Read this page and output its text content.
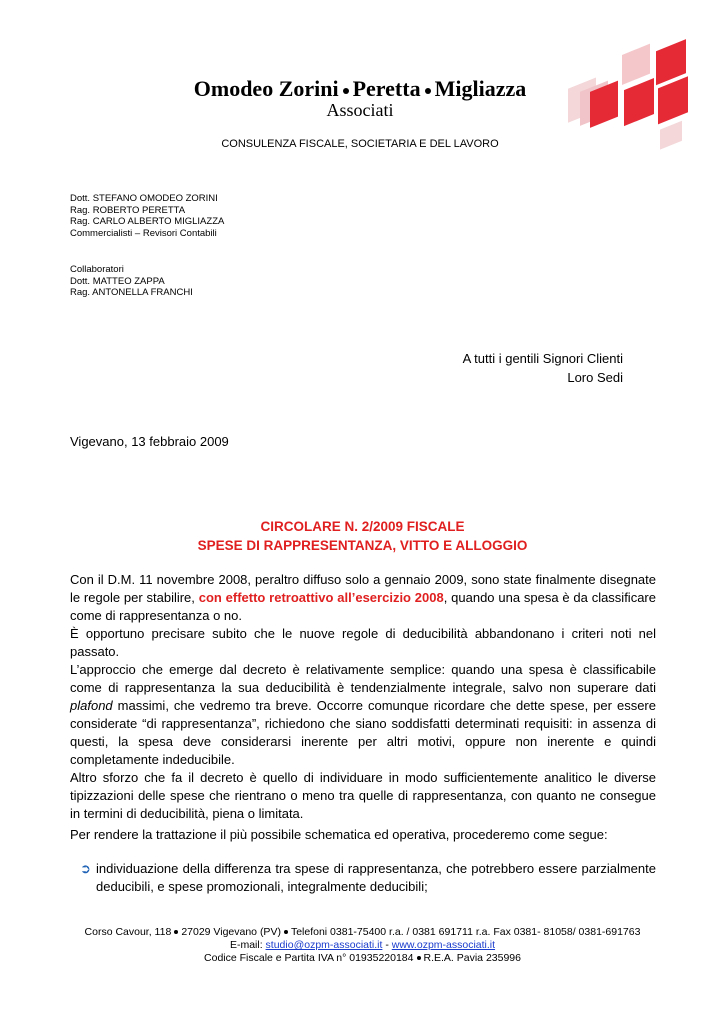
Omodeo Zorini Peretta Migliazza
Associati
CONSULENZA FISCALE, SOCIETARIA E DEL LAVORO
Dott. STEFANO OMODEO ZORINI
Rag. ROBERTO PERETTA
Rag. CARLO ALBERTO MIGLIAZZA
Commercialisti – Revisori Contabili
Collaboratori
Dott. MATTEO ZAPPA
Rag. ANTONELLA FRANCHI
A tutti i gentili Signori Clienti
Loro Sedi
Vigevano, 13 febbraio 2009
CIRCOLARE N. 2/2009 FISCALE
SPESE DI RAPPRESENTANZA, VITTO E ALLOGGIO

Con il D.M. 11 novembre 2008, peraltro diffuso solo a gennaio 2009, sono state finalmente disegnate le regole per stabilire, con effetto retroattivo all’esercizio 2008, quando una spesa è da classificare come di rappresentanza o no.

È opportuno precisare subito che le nuove regole di deducibilità abbandonano i criteri noti nel passato.

L’approccio che emerge dal decreto è relativamente semplice: quando una spesa è classificabile come di rappresentanza la sua deducibilità è tendenzialmente integrale, salvo non superare dati plafond massimi, che vedremo tra breve. Occorre comunque ricordare che dette spese, per essere considerate “di rappresentanza”, richiedono che siano soddisfatti determinati requisiti: in assenza di questi, la spesa deve considerarsi inerente per altri motivi, oppure non inerente e quindi completamente indeducibile.

Altro sforzo che fa il decreto è quello di individuare in modo sufficientemente analitico le diverse tipizzazioni delle spese che rientrano o meno tra quelle di rappresentanza, con quanto ne consegue in termini di deducibilità, piena o limitata.

Per rendere la trattazione il più possibile schematica ed operativa, procederemo come segue:
➲ individuazione della differenza tra spese di rappresentanza, che potrebbero essere parzialmente deducibili, e spese promozionali, integralmente deducibili;
Corso Cavour, 118 27029 Vigevano (PV) Telefoni 0381-75400 r.a. / 0381 691711 r.a. Fax 0381- 81058/ 0381-691763
E-mail: studio@ozpm-associati.it - www.ozpm-associati.it
Codice Fiscale e Partita IVA n° 01935220184 R.E.A. Pavia 235996
